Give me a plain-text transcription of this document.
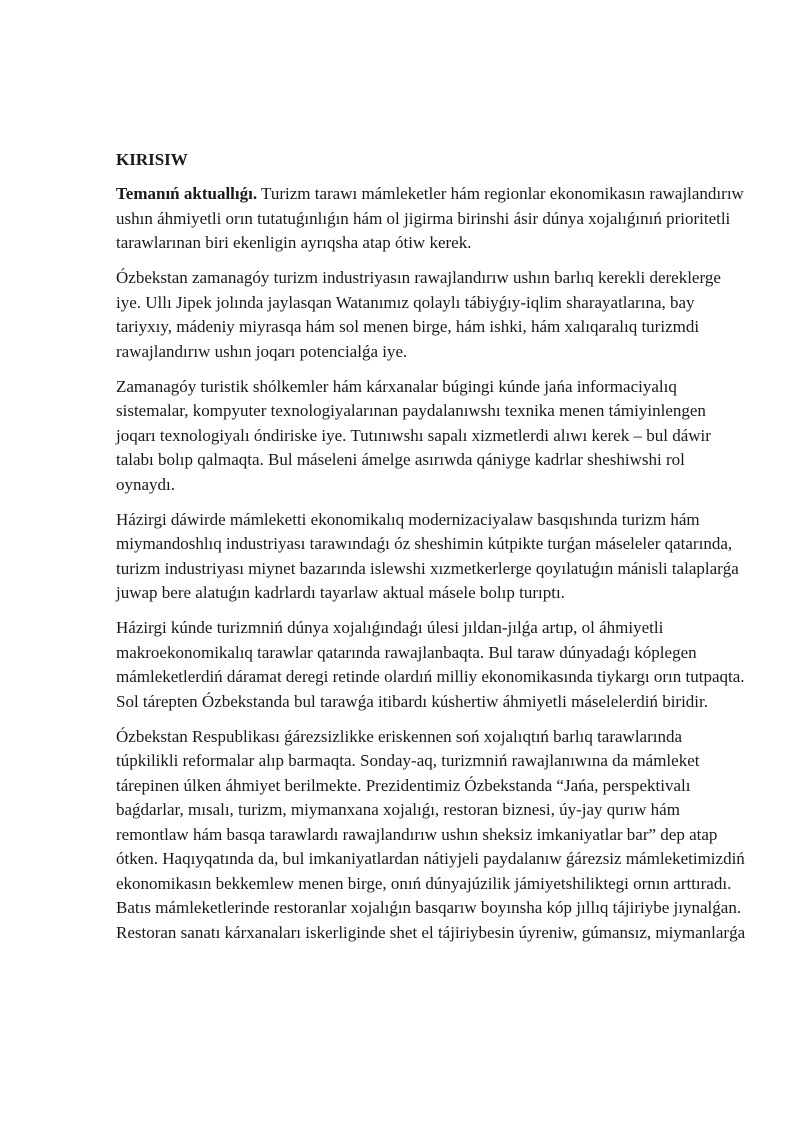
KIRISIW

Temanıń aktuallıǵı. Turizm tarawı mámleketler hám regionlar ekonomikasın rawajlandırıw ushın áhmiyetli orın tutatuǵınlıǵın hám ol jigirma birinshi ásir dúnya xojalıǵınıń prioritetli tarawlarınan biri ekenligin ayrıqsha atap ótiw kerek.

Ózbekstan zamanagóy turizm industriyasın rawajlandırıw ushın barlıq kerekli dereklerge iye. Ullı Jipek jolında jaylasqan Watanımız qolaylı tábiyǵıy-iqlim sharayatlarına, bay tariyxıy, mádeniy miyrasqa hám sol menen birge, hám ishki, hám xalıqaralıq turizmdi rawajlandırıw ushın joqarı potencialǵa iye.

Zamanagóy turistik shólkemler hám kárxanalar búgingi kúnde jańa informaciyalıq sistemalar, kompyuter texnologiyalarınan paydalanıwshı texnika menen támiyinlengen joqarı texnologiyalı óndiriske iye. Tutınıwshı sapalı xizmetlerdi alıwı kerek – bul dáwir talabı bolıp qalmaqta. Bul máseleni ámelge asırıwda qániyge kadrlar sheshiwshi rol oynaydı.

Házirgi dáwirde mámleketti ekonomikalıq modernizaciyalaw basqıshında turizm hám miymandoshlıq industriyası tarawındaǵı óz sheshimin kútpikte turǵan máseleler qatarında, turizm industriyası miynet bazarında islewshi xızmetkerlerge qoyılatuǵın mánisli talaplarǵa juwap bere alatuǵın kadrlardı tayarlaw aktual másele bolıp turıptı.

Házirgi kúnde turizmniń dúnya xojalıǵındaǵı úlesi jıldan-jılǵa artıp, ol áhmiyetli makroekonomikalıq tarawlar qatarında rawajlanbaqta. Bul taraw dúnyadaǵı kóplegen mámleketlerdiń dáramat deregi retinde olardıń milliy ekonomikasında tiykargı orın tutpaqta. Sol tárepten Ózbekstanda bul tarawǵa itibardı kúshertiw áhmiyetli máselelerdiń biridir.

Ózbekstan Respublikası ǵárezsizlikke eriskennen soń xojalıqtıń barlıq tarawlarında túpkilikli reformalar alıp barmaqta. Sonday-aq, turizmniń rawajlanıwına da mámleket tárepinen úlken áhmiyet berilmekte. Prezidentimiz Ózbekstanda “Jańa, perspektivalı baǵdarlar, mısalı, turizm, miymanxana xojalıǵı, restoran biznesi, úy-jay qurıw hám remontlaw hám basqa tarawlardı rawajlandırıw ushın sheksiz imkaniyatlar bar” dep atap ótken. Haqıyqatında da, bul imkaniyatlardan nátiyjeli paydalanıw ǵárezsiz mámleketimizdiń ekonomikasın bekkemlew menen birge, onıń dúnyajúzilik jámiyetshiliktegi ornın arttıradı. Batıs mámleketlerinde restoranlar xojalıǵın basqarıw boyınsha kóp jıllıq tájiriybe jıynalǵan. Restoran sanatı kárxanaları iskerliginde shet el tájiriybesin úyreniw, gúmansız, miymanlarǵa
